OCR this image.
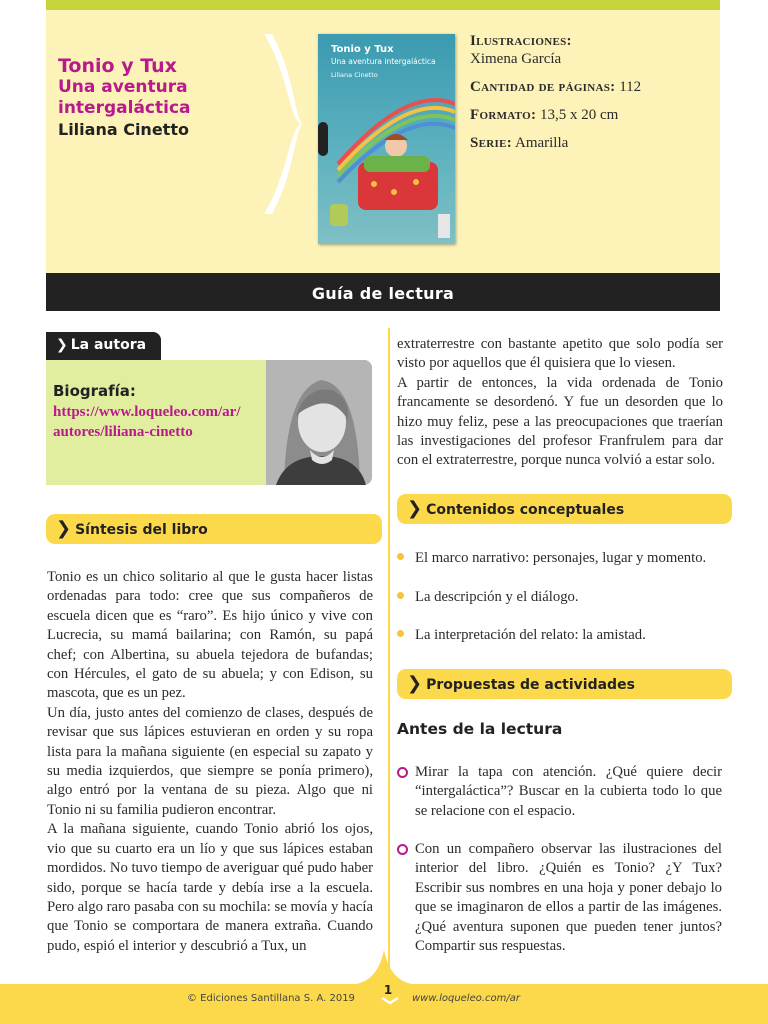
Tonio y Tux
Una aventura
intergaláctica
Liliana Cinetto
Tonio y Tux
Una aventura intergaláctica
Liliana Cinetto
Ilustraciones:
Ximena García
Cantidad de páginas: 112
Formato: 13,5 x 20 cm
Serie: Amarilla
Guía de lectura
❯ La autora
Biografía:
https://www.loqueleo.com/ar/
autores/liliana-cinetto
❯ Síntesis del libro

Tonio es un chico solitario al que le gusta hacer listas ordenadas para todo: cree que sus compañeros de escuela dicen que es “raro”. Es hijo único y vive con Lucrecia, su mamá bailarina; con Ramón, su papá chef; con Albertina, su abuela tejedora de bufandas; con Hércules, el gato de su abuela; y con Edison, su mascota, que es un pez.

Un día, justo antes del comienzo de clases, después de revisar que sus lápices estuvieran en orden y su ropa lista para la mañana siguiente (en especial su zapato y su media izquierdos, que siempre se ponía primero), algo entró por la ventana de su pieza. Algo que ni Tonio ni su familia pudieron encontrar.

A la mañana siguiente, cuando Tonio abrió los ojos, vio que su cuarto era un lío y que sus lápices estaban mordidos. No tuvo tiempo de averiguar qué pudo haber sido, porque se hacía tarde y debía irse a la escuela. Pero algo raro pasaba con su mochila: se movía y hacía que Tonio se comportara de manera extraña. Cuando pudo, espió el interior y descubrió a Tux, un

extraterrestre con bastante apetito que solo podía ser visto por aquellos que él quisiera que lo viesen.

A partir de entonces, la vida ordenada de Tonio francamente se desordenó. Y fue un desorden que lo hizo muy feliz, pese a las preocupaciones que traerían las investigaciones del profesor Franfrulem para dar con el extraterrestre, porque nunca volvió a estar solo.

❯ Contenidos conceptuales
El marco narrativo: personajes, lugar y momento.
La descripción y el diálogo.
La interpretación del relato: la amistad.
❯ Propuestas de actividades
Antes de la lectura
Mirar la tapa con atención. ¿Qué quiere decir “intergaláctica”? Buscar en la cubierta todo lo que se relacione con el espacio.
Con un compañero observar las ilustraciones del interior del libro. ¿Quién es Tonio? ¿Y Tux? Escribir sus nombres en una hoja y poner debajo lo que se imaginaron de ellos a partir de las imágenes. ¿Qué aventura suponen que pueden tener juntos? Compartir sus respuestas.
© Ediciones Santillana S. A. 2019
1
www.loqueleo.com/ar
